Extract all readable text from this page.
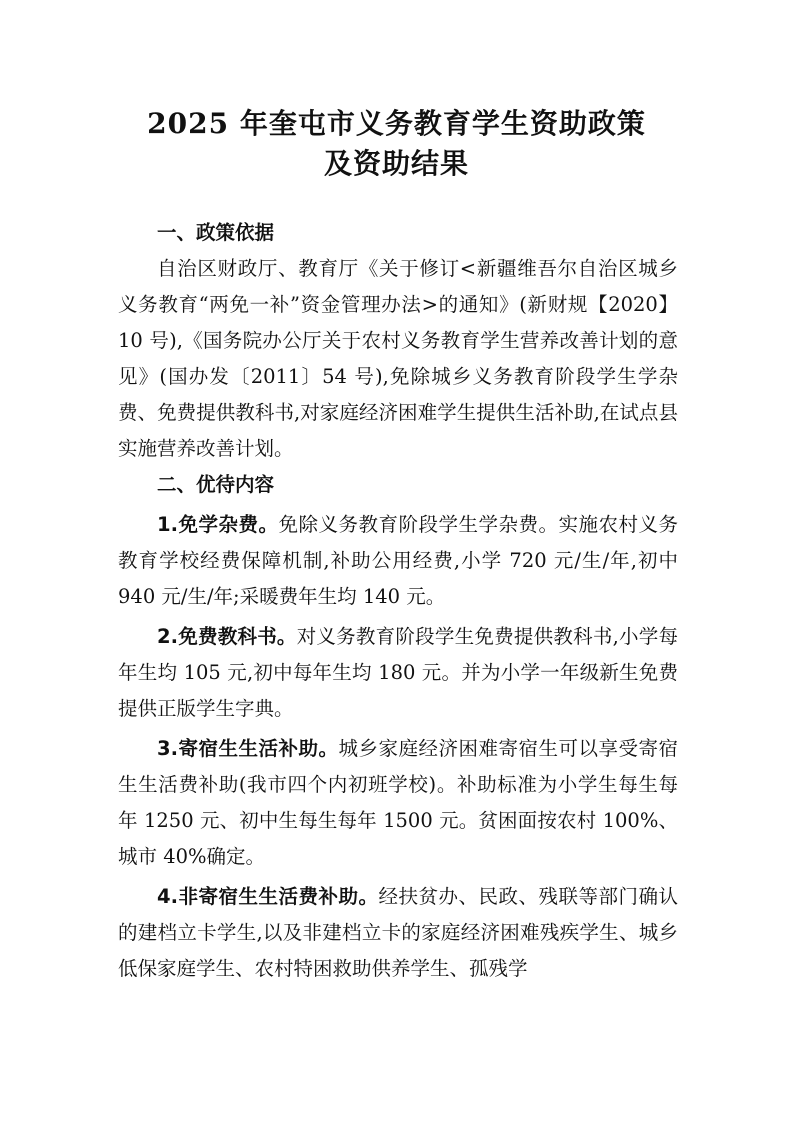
2025 年奎屯市义务教育学生资助政策
及资助结果

一、政策依据

自治区财政厅、教育厅《关于修订<新疆维吾尔自治区城乡义务教育“两免一补”资金管理办法>的通知》(新财规【2020】10 号),《国务院办公厅关于农村义务教育学生营养改善计划的意见》(国办发〔2011〕54 号),免除城乡义务教育阶段学生学杂费、免费提供教科书,对家庭经济困难学生提供生活补助,在试点县实施营养改善计划。

二、优待内容

1.免学杂费。免除义务教育阶段学生学杂费。实施农村义务教育学校经费保障机制,补助公用经费,小学 720 元/生/年,初中 940 元/生/年;采暖费年生均 140 元。

2.免费教科书。对义务教育阶段学生免费提供教科书,小学每年生均 105 元,初中每年生均 180 元。并为小学一年级新生免费提供正版学生字典。

3.寄宿生生活补助。城乡家庭经济困难寄宿生可以享受寄宿生生活费补助(我市四个内初班学校)。补助标准为小学生每生每年 1250 元、初中生每生每年 1500 元。贫困面按农村 100%、城市 40%确定。

4.非寄宿生生活费补助。经扶贫办、民政、残联等部门确认的建档立卡学生,以及非建档立卡的家庭经济困难残疾学生、城乡低保家庭学生、农村特困救助供养学生、孤残学
